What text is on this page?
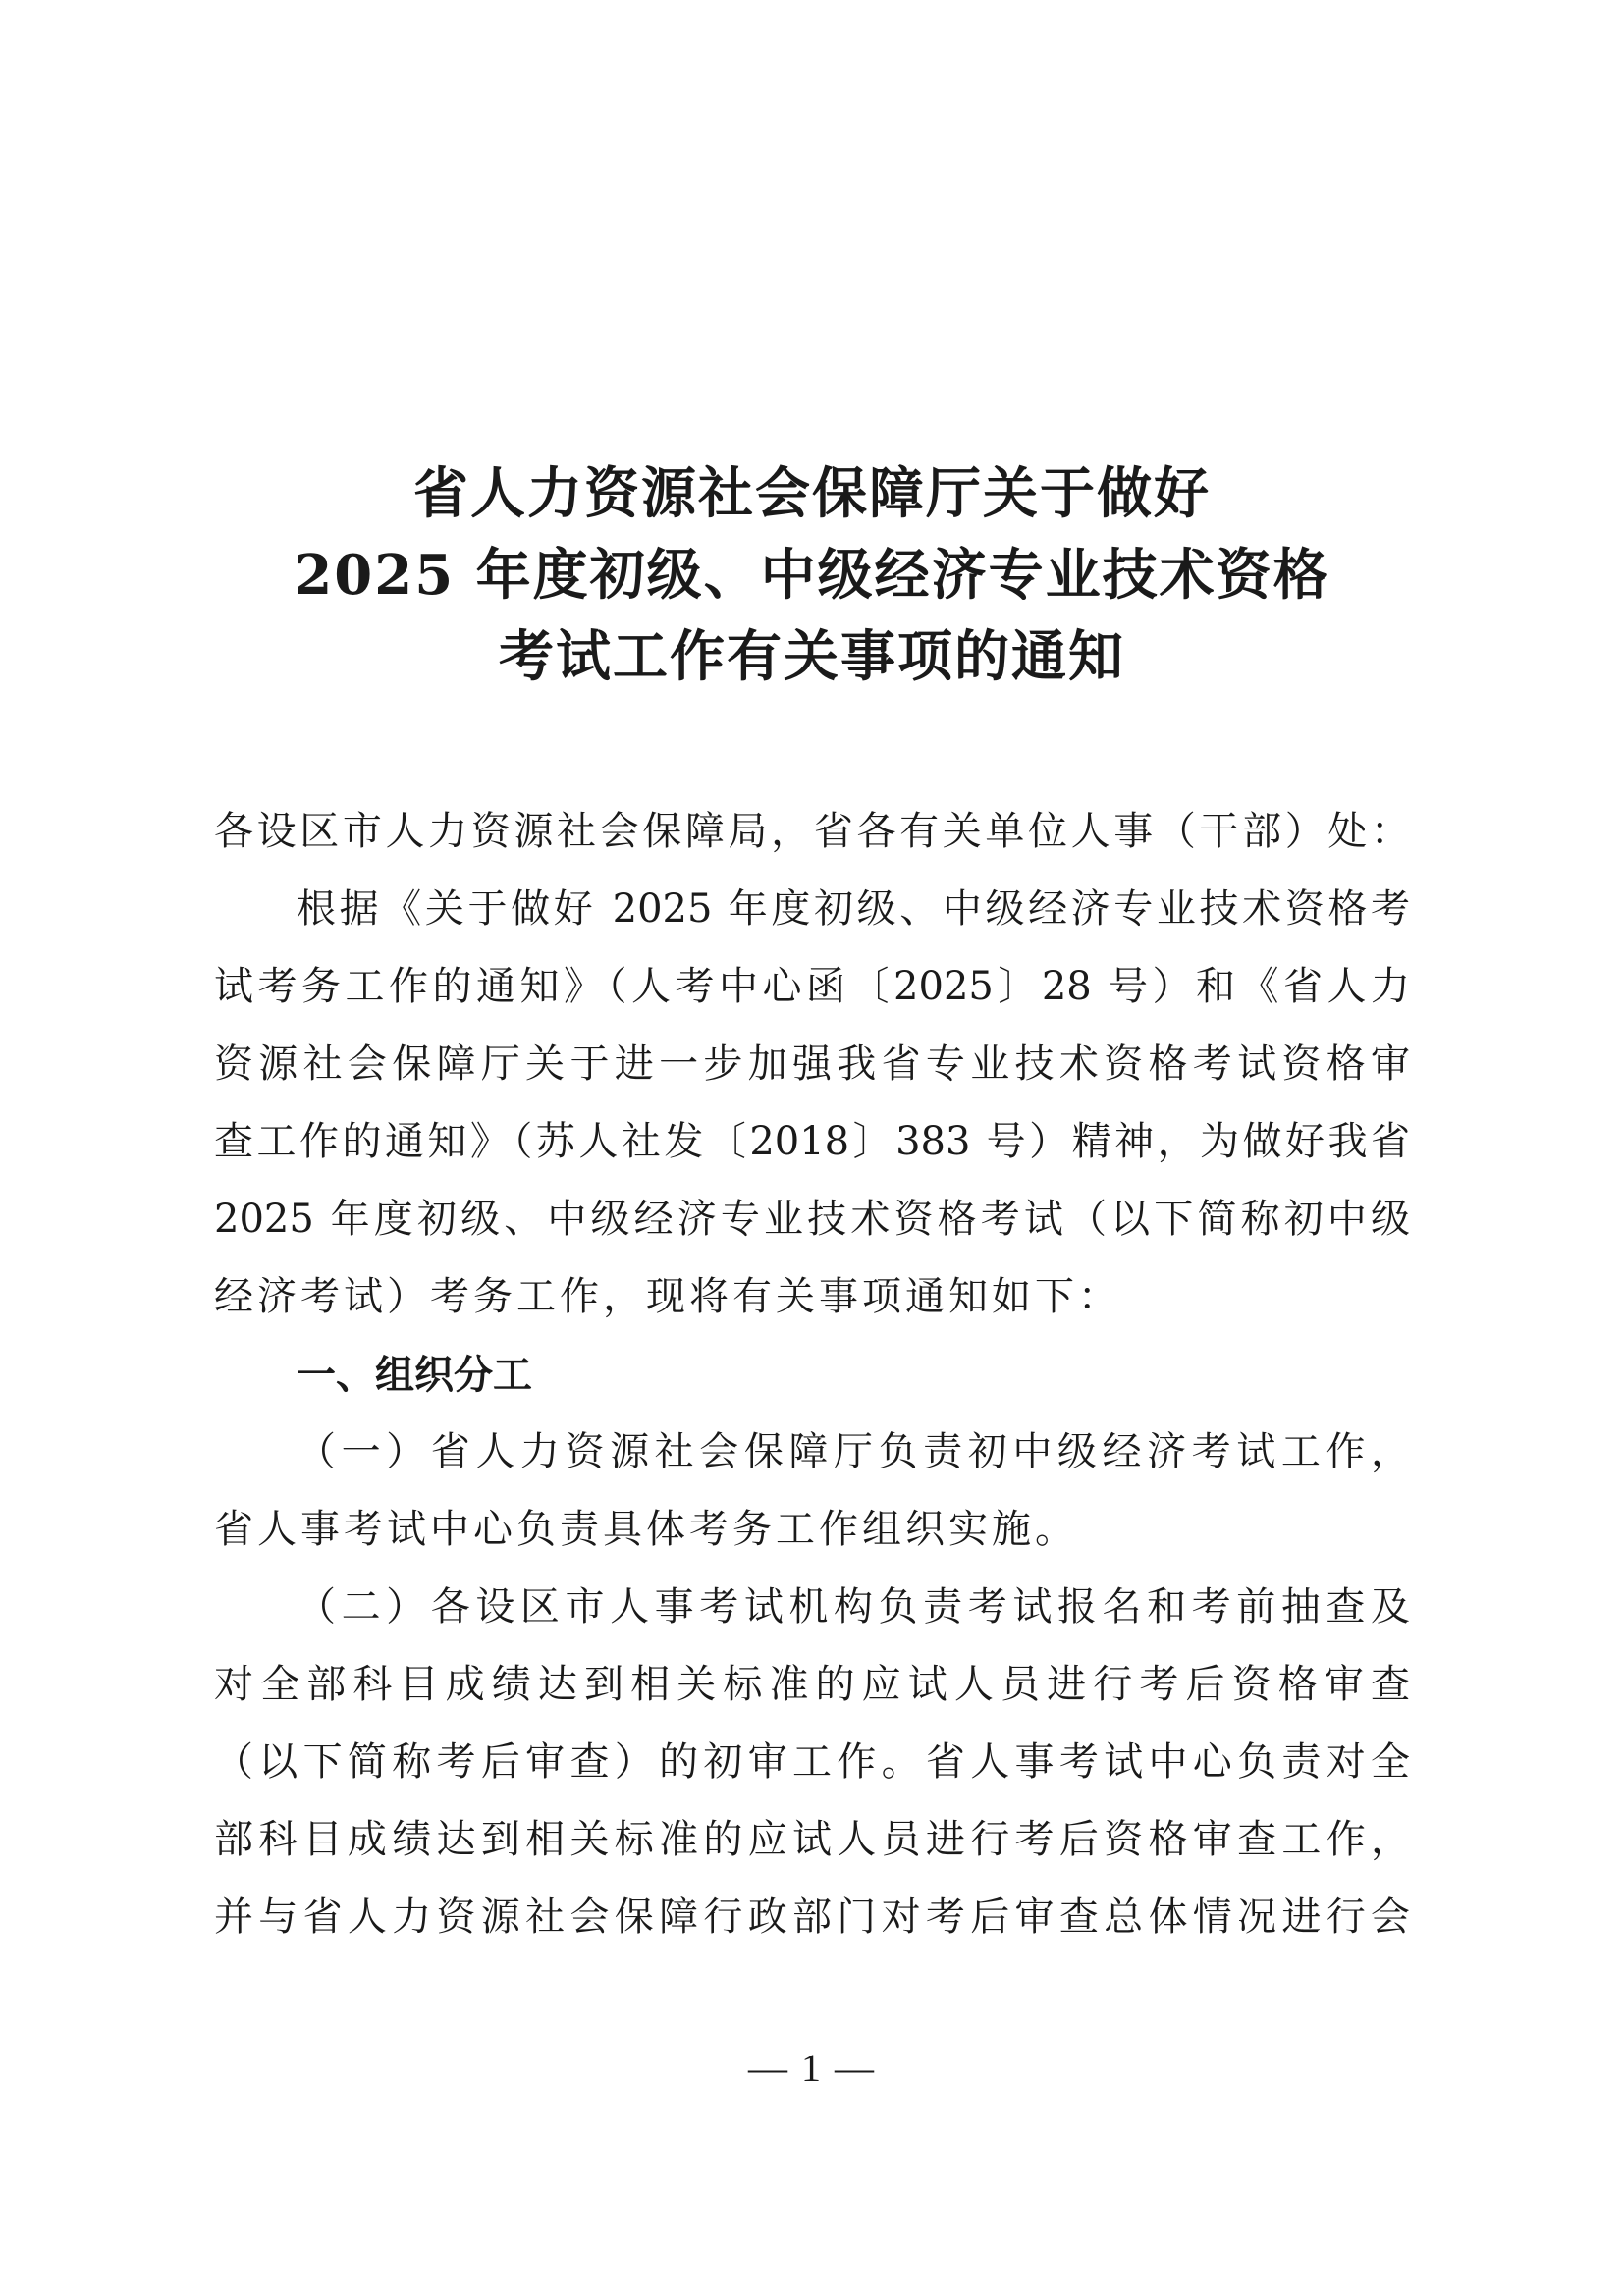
省人力资源社会保障厅关于做好
2025 年度初级、中级经济专业技术资格
考试工作有关事项的通知
各设区市人力资源社会保障局，省各有关单位人事（干部）处：
根据《关于做好 2025 年度初级、中级经济专业技术资格考
试考务工作的通知》（人考中心函〔2025〕28 号）和《省人力
资源社会保障厅关于进一步加强我省专业技术资格考试资格审
查工作的通知》（苏人社发〔2018〕383 号）精神，为做好我省
2025 年度初级、中级经济专业技术资格考试（以下简称初中级
经济考试）考务工作，现将有关事项通知如下：
一、组织分工
（一）省人力资源社会保障厅负责初中级经济考试工作，
省人事考试中心负责具体考务工作组织实施。
（二）各设区市人事考试机构负责考试报名和考前抽查及
对全部科目成绩达到相关标准的应试人员进行考后资格审查
（以下简称考后审查）的初审工作。省人事考试中心负责对全
部科目成绩达到相关标准的应试人员进行考后资格审查工作，
并与省人力资源社会保障行政部门对考后审查总体情况进行会
— 1 —
